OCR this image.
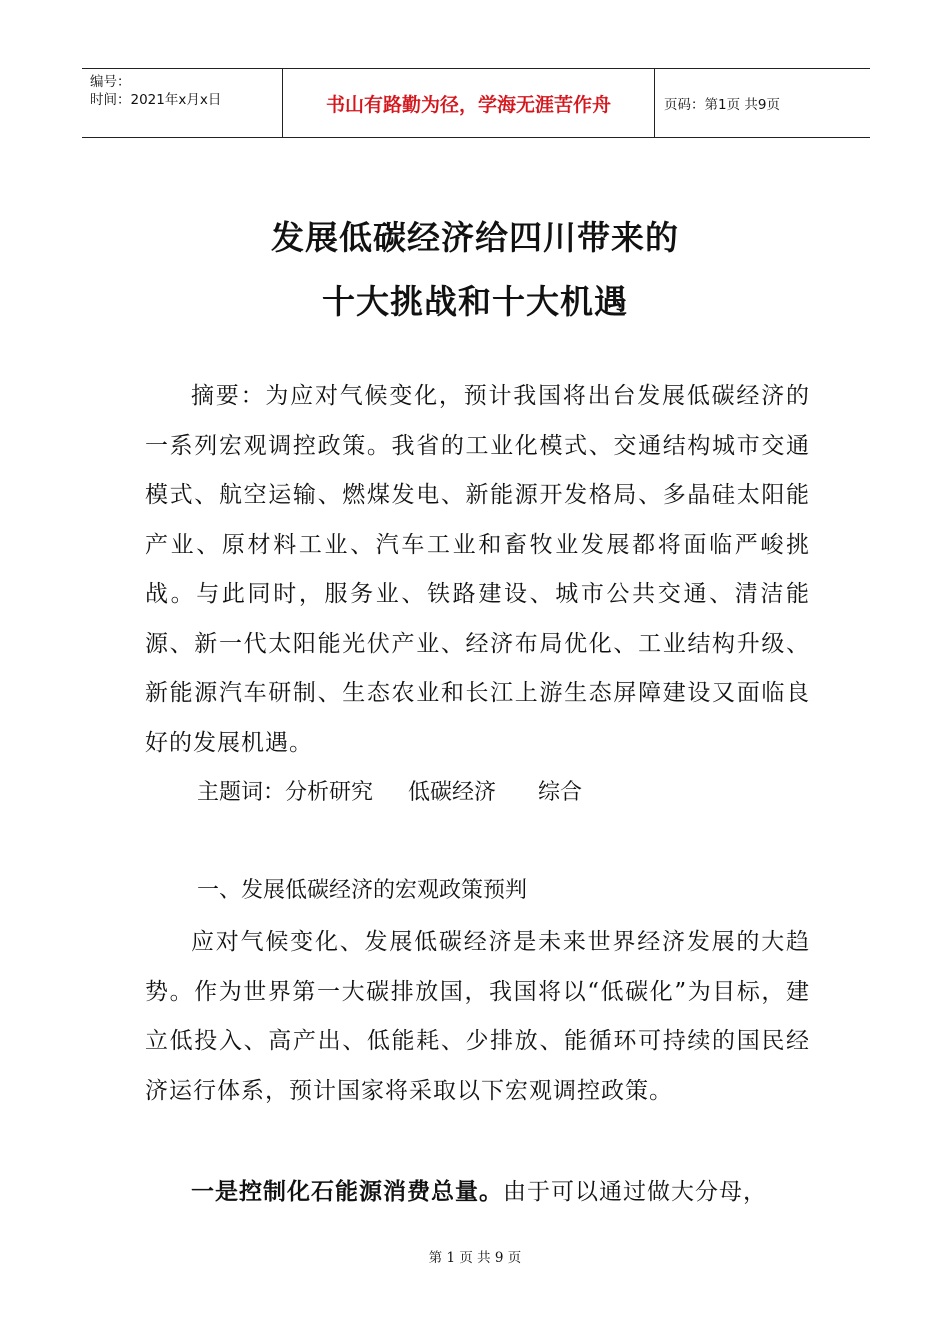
编号：
时间：2021年x月x日	书山有路勤为径，学海无涯苦作舟	页码：第1页 共9页
发展低碳经济给四川带来的
十大挑战和十大机遇
摘要：为应对气候变化，预计我国将出台发展低碳经济的一系列宏观调控政策。我省的工业化模式、交通结构城市交通模式、航空运输、燃煤发电、新能源开发格局、多晶硅太阳能产业、原材料工业、汽车工业和畜牧业发展都将面临严峻挑战。与此同时，服务业、铁路建设、城市公共交通、清洁能源、新一代太阳能光伏产业、经济布局优化、工业结构升级、新能源汽车研制、生态农业和长江上游生态屏障建设又面临良好的发展机遇。
主题词：分析研究 低碳经济 综合
一、发展低碳经济的宏观政策预判
应对气候变化、发展低碳经济是未来世界经济发展的大趋势。作为世界第一大碳排放国，我国将以“低碳化”为目标，建立低投入、高产出、低能耗、少排放、能循环可持续的国民经济运行体系，预计国家将采取以下宏观调控政策。
一是控制化石能源消费总量。由于可以通过做大分母，
第 1 页 共 9 页
